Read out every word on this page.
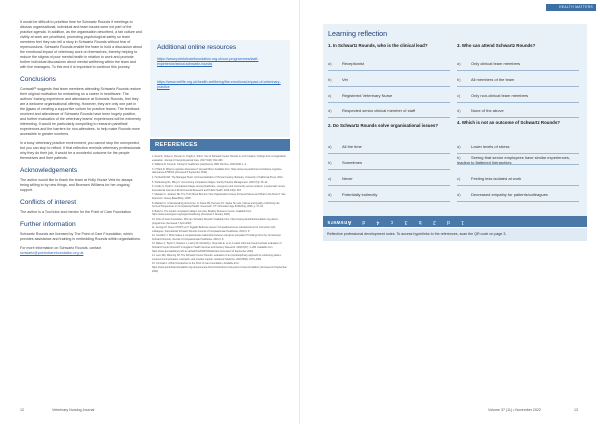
It would be difficult to prioritise time for Schwartz Rounds if meetings to discuss organisational, individual and team issues were not part of the practice agenda. In addition, as the organisation described, a fair culture and civility at work are prioritised, promoting psychological safety so team members feel they can tell a story in Schwartz Rounds without fear of repercussions. Schwartz Rounds enable the team to hold a discussion about the emotional impact of veterinary work on themselves, thereby helping to reduce the stigma of poor mental health in relation to work and promote further individual discussions about mental wellbeing within the team and with line managers. To this end it is important to continue this journey.

Conclusions

Cornwall¹¹ suggests that team members attending Schwartz Rounds restore their original motivation for embarking on a career in healthcare. The authors' training experience and attendance at Schwartz Rounds, feel they are a welcome organisational offering. However, they are only one part in the jigsaw of creating a supportive culture for practice teams. The feedback received and attendance of Schwartz Rounds have been hugely positive, and further evaluation of the veterinary teams' experiences will be extremely interesting. It would be particularly compelling to research panellists' experiences and the barriers for non-attendees, to help make Rounds more accessible to greater numbers.

In a busy veterinary practice environment, you cannot stop the unexpected, but you can stop to reflect. If that reflection reminds veterinary professionals why they do their job, it would be a wonderful outcome for the people themselves and their patients.

Acknowledgements

The author would like to thank the team at Holly House Vets for always being willing to try new things, and Bronwen Williams for her ongoing support.

Conflicts of interest

The author is a Tool tutor and mentor for the Point of Care Foundation

Further information

Schwartz Rounds are licensed by The Point of Care Foundation, which provides assistance and training in embedding Rounds within organisations.

For more information on Schwartz Rounds, contact
schwartz@pointofcarefoundation.org.uk

Additional online resources
https://www.pointofcarefoundation.org.uk/our-programmes/staff-experience/about-schwartz-rounds
https://www.vetlife.org.uk/health-wellbeing/the-emotional-impact-of-veterinary-practice
REFERENCES
1. Reed K, Cullen A, Duncan C, Knight A, Todd I. Use of Schwartz Center Rounds in a UK hospice: findings from a longitudinal evaluation. Journal of Interprofessional Care. 2017;31(6): 691–696.
2. Williams B, Kemp E. Caring for healthcare practitioners. BMJ Clin Res. 2020;2021:1–3.
3. O'Hara R. What is cognitive dissonance? Verywell Mind. Available from: https://www.verywellmind.com/what-is-cognitive-dissonance-2795012 (Accessed 9 September 2022)
4. Hochschild AR. The Managed Heart: Commercialization of Human Feeling. Berkeley: University of California Press; 2012.
5. Wolfenberg RL, Wiley K. Overcoming compassion fatigue. Family Practice Management. 2000;7(4): 39–44.
6. Cooke S, Hyatt C. Compassion fatigue among healthcare, emergency and community service workers: a systematic review. International Journal of Environmental Research and Public Health. 2016;13(6): 618.
7. Maslach C, Jackson SE. The Truth About Burnout: How Organizations Cause Personal Stress and What to Do About It. San Francisco: Jossey-Bass/Wiley; 2008.
8. Maslach C. Understanding job burnout. In: Rossi AM, Perrewe PL, Sauter SL (eds.) Stress and Quality of Working Life: Current Perspectives in Occupational Health. Greenwich, CT: Information Age Publishing; 2006. p. 37–51.
9. Boller A. The impact compassion fatigue can play. Bradley Resource Centre. Available from: https://www.vetsurgeon.org/support/wellbeing (Accessed 2 January 2022)
10. Point of Care Foundation. Why are Schwartz Rounds? Available from: https://www.pointofcarefoundation.org.uk/our-programmes (Accessed 7 April 2022)
11. George M. 'Does it HURT you?' Kiggalio Bellmore Gereel: Occupational as an educational tool of connection with colleagues. International Schwartz Rounds Journal of Compassionate Healthcare. 2016;3: 8.
12. Goodrich J. What makes a compassionate relationship between caregiver and patient? Findings from the 'Anniversary' Schwartz Rounds. Journal of Compassionate Healthcare. 2016;3: 8.
13. Maben J, Taylor C, Dawson J, Leamy M, McCarthy I, Reynolds E, et al. A realist informed mixed-methods evaluation of Schwartz Center Rounds® in England. Health Services and Delivery Research. 2018;6(37): 1–260. Available from: https://www.journalslibrary.nihr.ac.uk/hsdr/hsdr06370/#/abstract (Accessed 13 September 2022)
14. Leon MA, Manning CP. The Schwartz Center Rounds: evaluation of an interdisciplinary approach to enhancing patient-centered communication, teamwork, and provider support. Academic Medicine. 2010;85(6): 1073–1081.
15. Cornwall J. A Brief Introduction to the Point of Care Foundation. Available from: https://www.pointofcarefoundation.org.uk/resource/a-brief-introduction-to-the-point-of-care-foundation/ (Accessed 13 September 2022)
12	Veterinary Nursing Journal
HEALTH MATTERS
Learning reflection
1. In Schwartz Rounds, who is the clinical lead?
a)	Receptionist
b)	Vet
c)	Registered Veterinary Nurse
d)	Respected senior clinical member of staff
2. Do Schwartz Rounds solve organisational issues?
a)	All the time
b)	Sometimes
c)	Never
d)	Potentially indirectly
3. Who can attend Schwartz Rounds?
a)	Only clinical team members
b)	All members of the team
c)	Only non-clinical team members
d)	None of the above
4. Which is not an outcome of Schwartz Rounds?
a)	Lower levels of stress
b)	Seeing that senior employees have similar experiences, leading to flattened hierarchies
c)	Feeling less isolated at work
d)	Decreased empathy for patients/colleagues
1 d 2 b 3 c 4 dAnswers
Reflective professional development notes. To access hyperlinks to the references, scan the QR code on page 3.
Volume 37 (11) • November 2022	13
